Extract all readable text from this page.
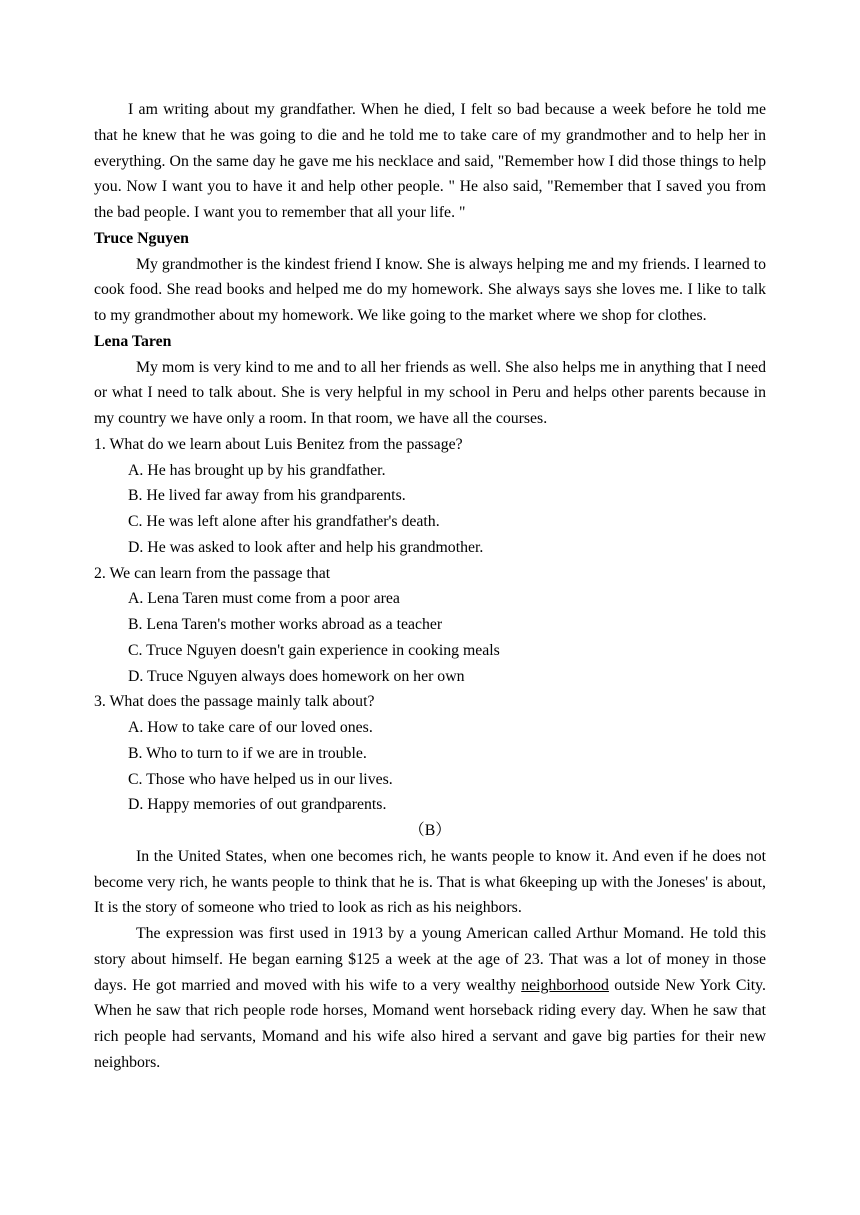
I am writing about my grandfather. When he died, I felt so bad because a week before he told me that he knew that he was going to die and he told me to take care of my grandmother and to help her in everything. On the same day he gave me his necklace and said, "Remember how I did those things to help you. Now I want you to have it and help other people. " He also said, "Remember that I saved you from the bad people. I want you to remember that all your life. "

Truce Nguyen

My grandmother is the kindest friend I know. She is always helping me and my friends. I learned to cook food. She read books and helped me do my homework. She always says she loves me. I like to talk to my grandmother about my homework. We like going to the market where we shop for clothes.

Lena Taren

My mom is very kind to me and to all her friends as well. She also helps me in anything that I need or what I need to talk about. She is very helpful in my school in Peru and helps other parents because in my country we have only a room. In that room, we have all the courses.

1. What do we learn about Luis Benitez from the passage?

A. He has brought up by his grandfather.

B. He lived far away from his grandparents.

C. He was left alone after his grandfather's death.

D. He was asked to look after and help his grandmother.

2. We can learn from the passage that

A. Lena Taren must come from a poor area

B. Lena Taren's mother works abroad as a teacher

C. Truce Nguyen doesn't gain experience in cooking meals

D. Truce Nguyen always does homework on her own

3. What does the passage mainly talk about?

A. How to take care of our loved ones.

B. Who to turn to if we are in trouble.

C. Those who have helped us in our lives.

D. Happy memories of out grandparents.

（B）

In the United States, when one becomes rich, he wants people to know it. And even if he does not become very rich, he wants people to think that he is. That is what 6keeping up with the Joneses' is about, It is the story of someone who tried to look as rich as his neighbors.

The expression was first used in 1913 by a young American called Arthur Momand. He told this story about himself. He began earning $125 a week at the age of 23. That was a lot of money in those days. He got married and moved with his wife to a very wealthy neighborhood outside New York City. When he saw that rich people rode horses, Momand went horseback riding every day. When he saw that rich people had servants, Momand and his wife also hired a servant and gave big parties for their new neighbors.
